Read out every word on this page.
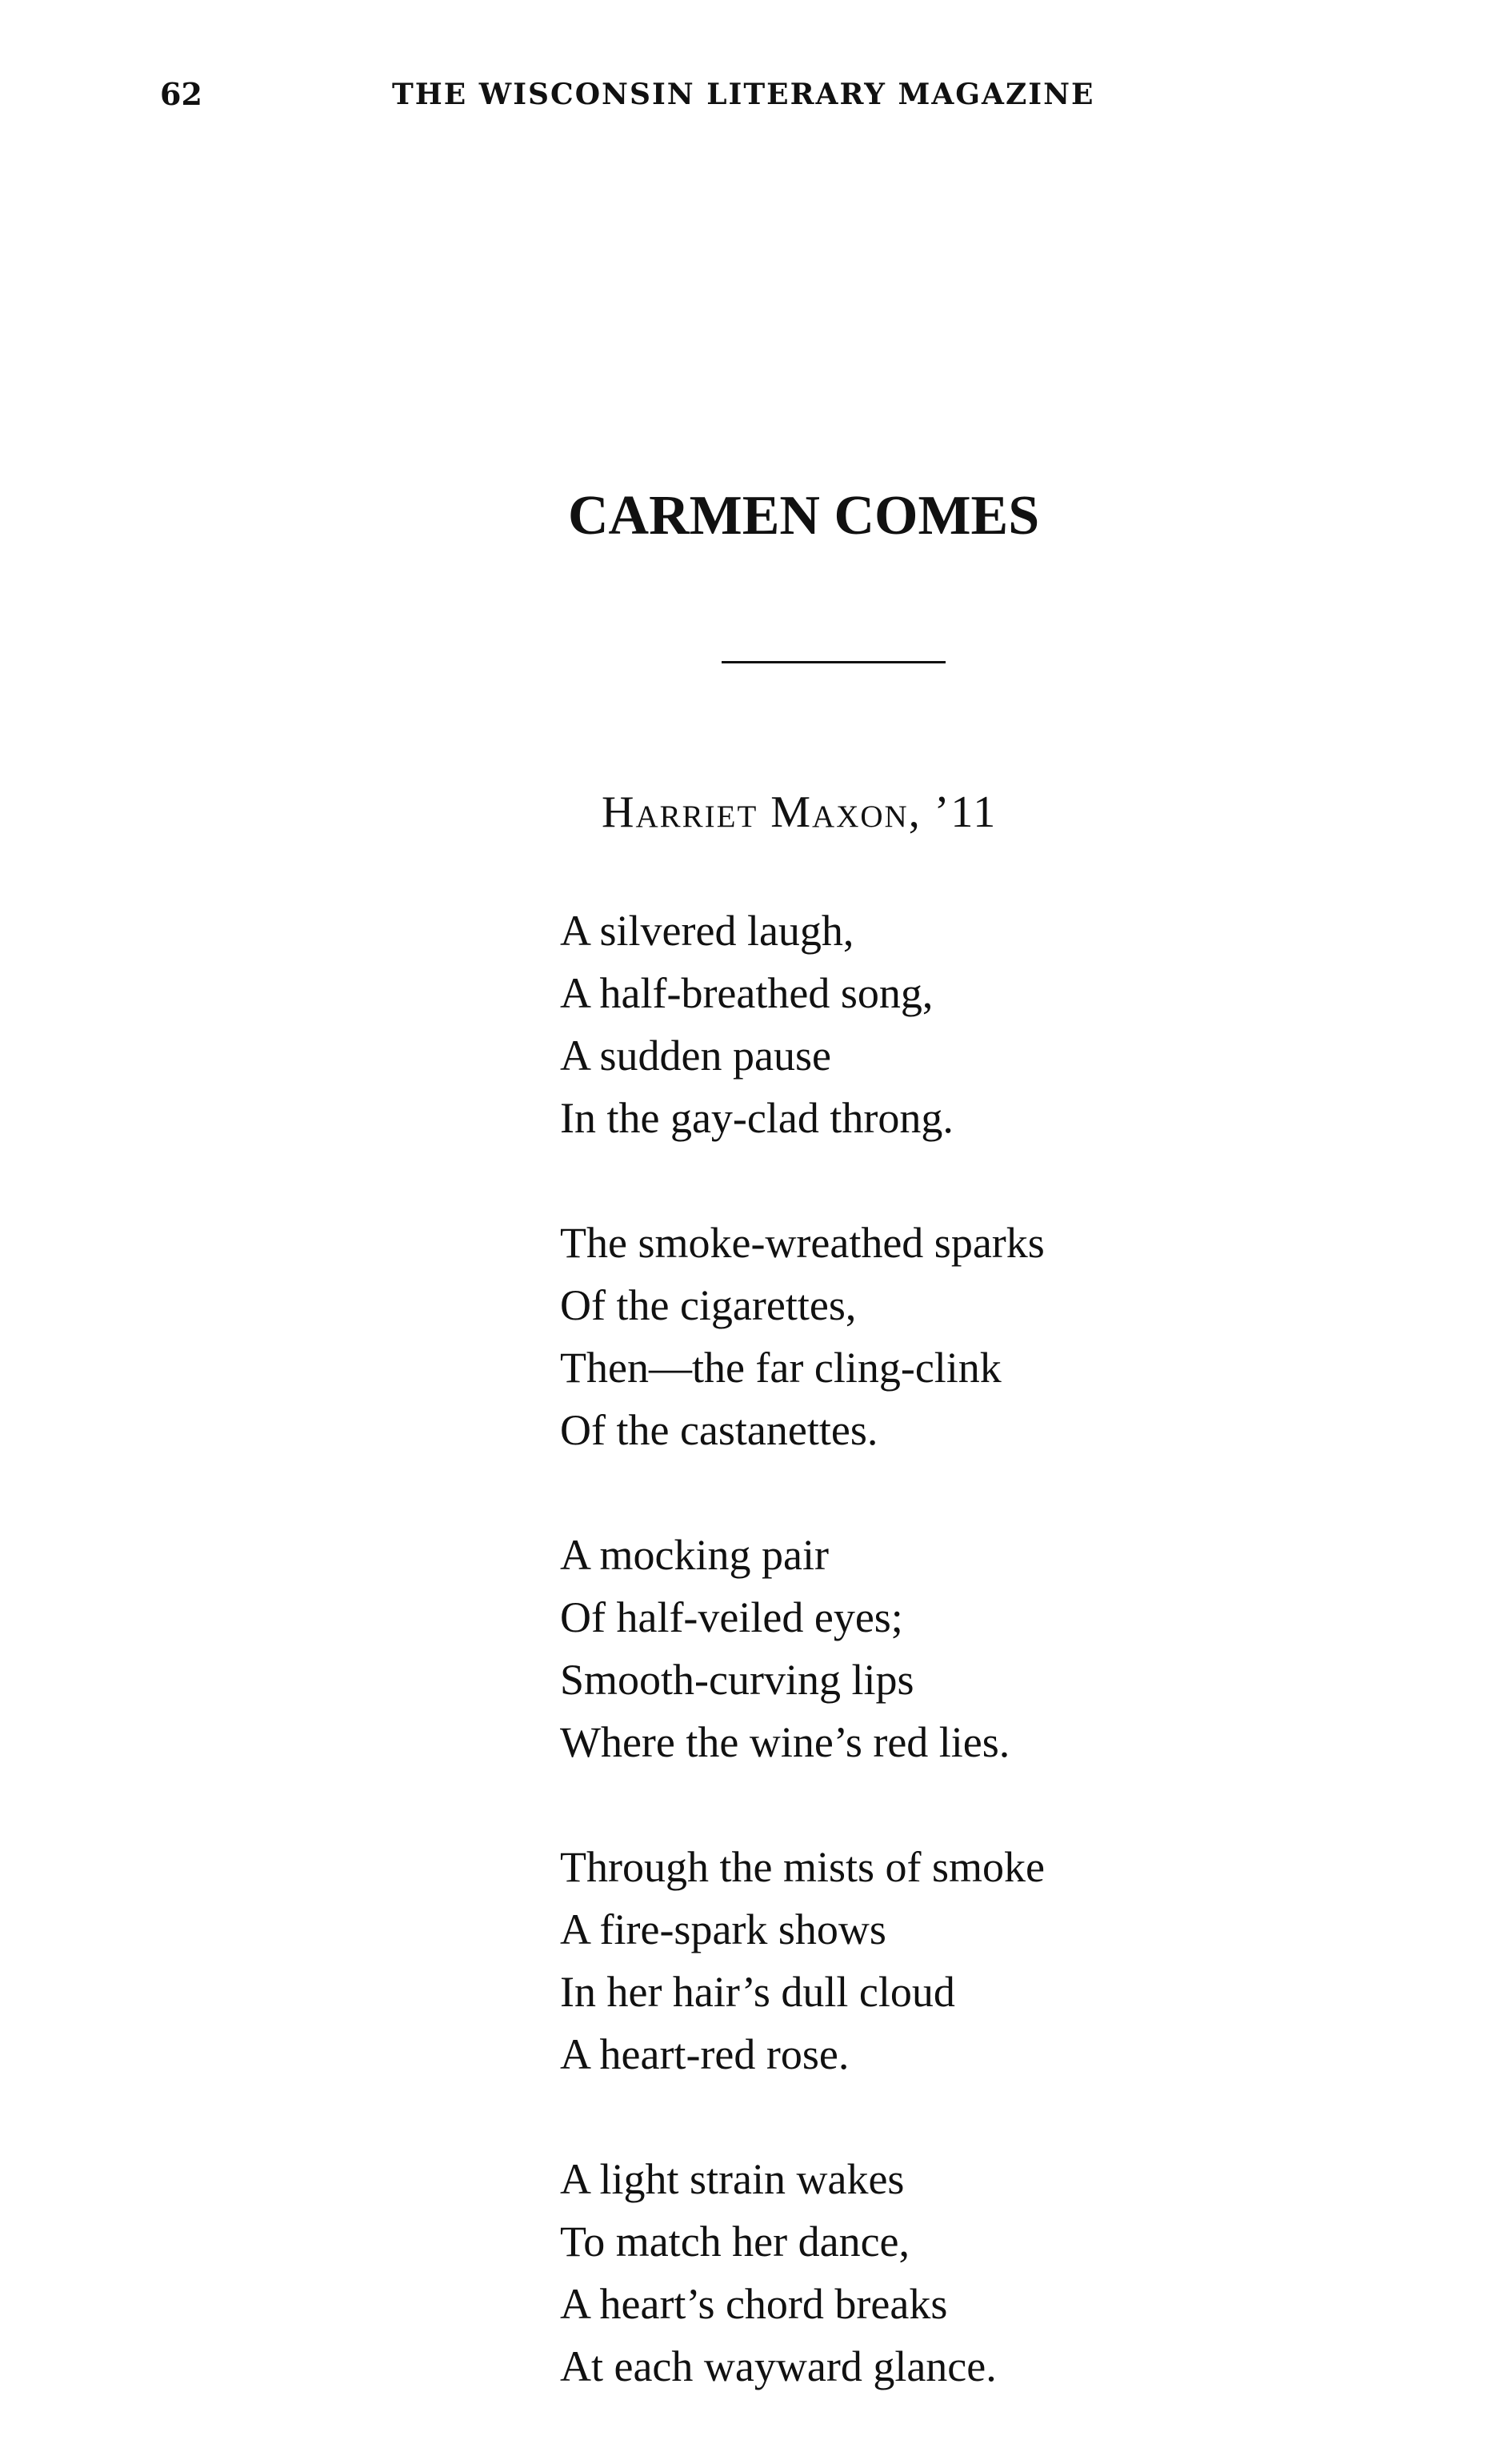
62	THE WISCONSIN LITERARY MAGAZINE
CARMEN COMES
Harriet Maxon, ’11
A silvered laugh,
A half-breathed song,
A sudden pause
In the gay-clad throng.
The smoke-wreathed sparks
Of the cigarettes,
Then—the far cling-clink
Of the castanettes.
A mocking pair
Of half-veiled eyes;
Smooth-curving lips
Where the wine’s red lies.
Through the mists of smoke
A fire-spark shows
In her hair’s dull cloud
A heart-red rose.
A light strain wakes
To match her dance,
A heart’s chord breaks
At each wayward glance.
